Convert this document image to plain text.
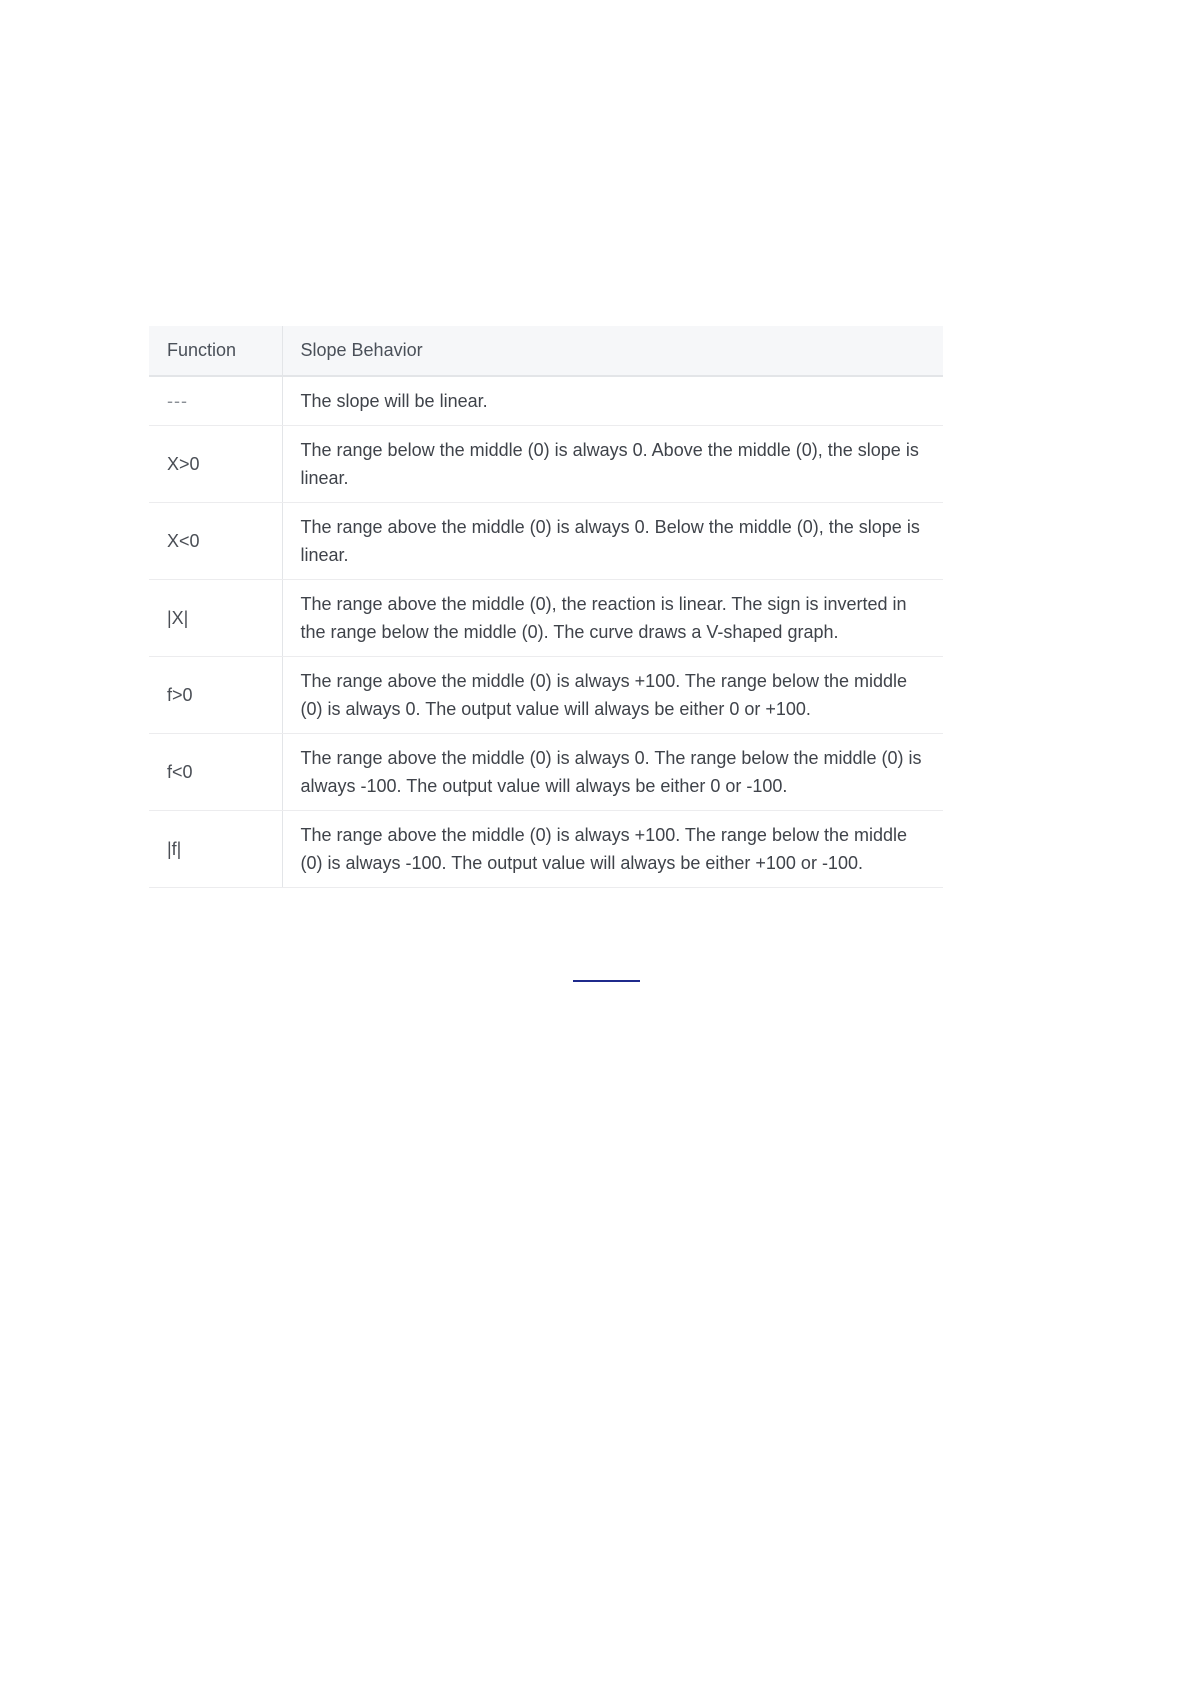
Function	Slope Behavior
---	The slope will be linear.
X>0	The range below the middle (0) is always 0. Above the middle (0), the slope is linear.
X<0	The range above the middle (0) is always 0. Below the middle (0), the slope is linear.
|X|	The range above the middle (0), the reaction is linear. The sign is inverted in the range below the middle (0). The curve draws a V-shaped graph.
f>0	The range above the middle (0) is always +100. The range below the middle (0) is always 0. The output value will always be either 0 or +100.
f<0	The range above the middle (0) is always 0. The range below the middle (0) is always -100. The output value will always be either 0 or -100.
|f|	The range above the middle (0) is always +100. The range below the middle (0) is always -100. The output value will always be either +100 or -100.
